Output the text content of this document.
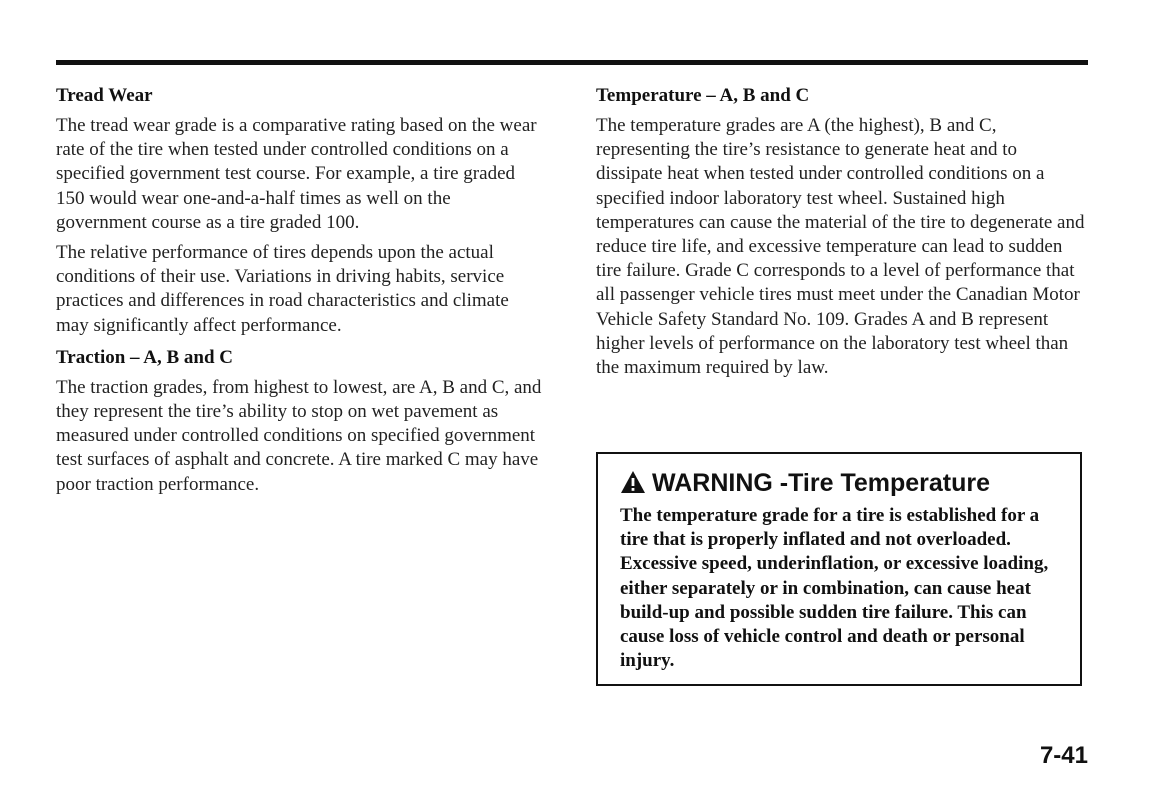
Tread Wear

The tread wear grade is a comparative rating based on the wear rate of the tire when tested under controlled conditions on a specified government test course. For example, a tire graded 150 would wear one-and-a-half times as well on the government course as a tire graded 100.

The relative performance of tires depends upon the actual conditions of their use. Variations in driving habits, service practices and differences in road characteristics and climate may significantly affect performance.

Traction – A, B and C

The traction grades, from highest to lowest, are A, B and C, and they represent the tire’s ability to stop on wet pavement as measured under controlled conditions on specified government test surfaces of asphalt and concrete. A tire marked C may have poor traction performance.

Temperature – A, B and C

The temperature grades are A (the highest), B and C, representing the tire’s resistance to generate heat and to dissipate heat when tested under controlled conditions on a specified indoor laboratory test wheel. Sustained high temperatures can cause the material of the tire to degenerate and reduce tire life, and excessive temperature can lead to sudden tire failure. Grade C corresponds to a level of performance that all passenger vehicle tires must meet under the Canadian Motor Vehicle Safety Standard No. 109. Grades A and B represent higher levels of performance on the laboratory test wheel than the maximum required by law.

WARNING -Tire Temperature

The temperature grade for a tire is established for a tire that is properly inflated and not overloaded. Excessive speed, underinflation, or excessive loading, either separately or in combination, can cause heat build-up and possible sudden tire failure. This can cause loss of vehicle control and death or personal injury.

7-41
